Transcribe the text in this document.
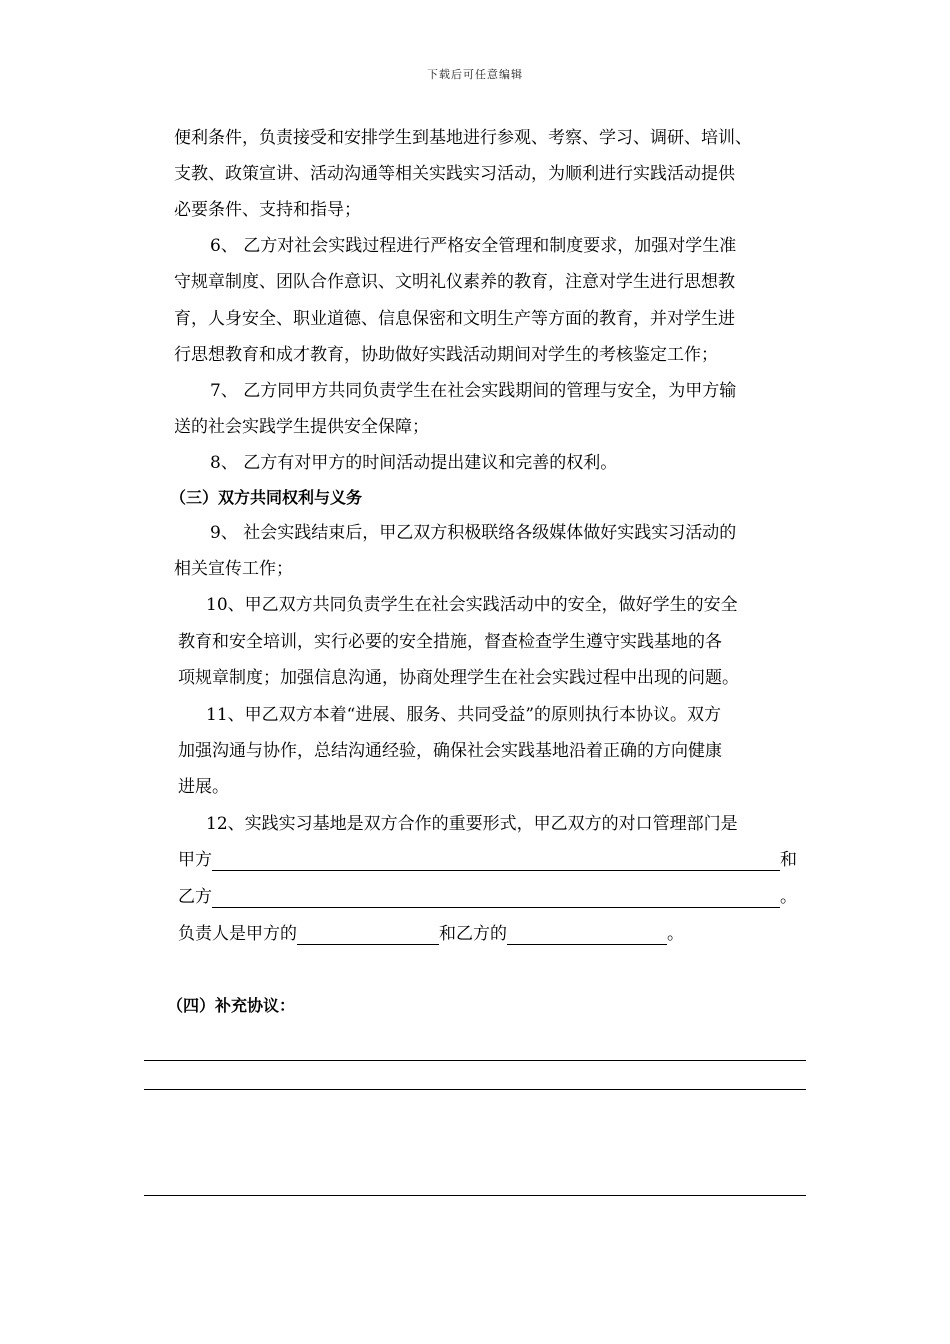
下载后可任意编辑
便利条件，负责接受和安排学生到基地进行参观、考察、学习、调研、培训、
支教、政策宣讲、活动沟通等相关实践实习活动，为顺利进行实践活动提供
必要条件、支持和指导；
6、 乙方对社会实践过程进行严格安全管理和制度要求，加强对学生准
守规章制度、团队合作意识、文明礼仪素养的教育，注意对学生进行思想教
育，人身安全、职业道德、信息保密和文明生产等方面的教育，并对学生进
行思想教育和成才教育，协助做好实践活动期间对学生的考核鉴定工作；
7、 乙方同甲方共同负责学生在社会实践期间的管理与安全，为甲方输
送的社会实践学生提供安全保障；
8、 乙方有对甲方的时间活动提出建议和完善的权利。
（三）双方共同权利与义务
9、 社会实践结束后，甲乙双方积极联络各级媒体做好实践实习活动的
相关宣传工作；
10、甲乙双方共同负责学生在社会实践活动中的安全，做好学生的安全
教育和安全培训，实行必要的安全措施，督查检查学生遵守实践基地的各
项规章制度；加强信息沟通，协商处理学生在社会实践过程中出现的问题。
11、甲乙双方本着“进展、服务、共同受益”的原则执行本协议。双方
加强沟通与协作，总结沟通经验，确保社会实践基地沿着正确的方向健康
进展。
12、实践实习基地是双方合作的重要形式，甲乙双方的对口管理部门是
甲方	和
乙方	。
负责人是甲方的	和乙方的	。
（四）补充协议：
